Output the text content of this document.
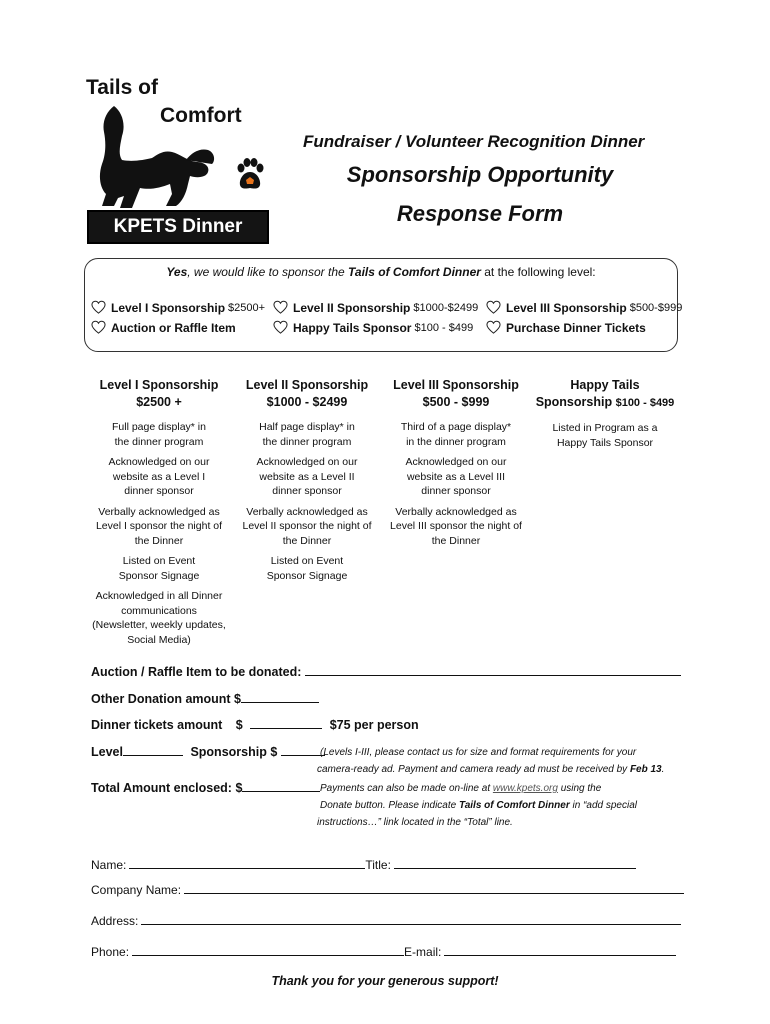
Tails of
Comfort
KPETS Dinner
Fundraiser / Volunteer Recognition Dinner
Sponsorship Opportunity
Response Form
Yes, we would like to sponsor the Tails of Comfort Dinner at the following level:
Level I Sponsorship $2500+ Level II Sponsorship $1000-$2499 Level III Sponsorship $500-$999
Auction or Raffle Item	Happy Tails Sponsor $100 - $499	Purchase Dinner Tickets
Level I Sponsorship
$2500 +
Full page display* in the dinner program
Acknowledged on our website as a Level I dinner sponsor
Verbally acknowledged as Level I sponsor the night of the Dinner
Listed on Event Sponsor Signage
Acknowledged in all Dinner communications (Newsletter, weekly updates, Social Media)
Level II Sponsorship
$1000 - $2499
Half page display* in the dinner program
Acknowledged on our website as a Level II dinner sponsor
Verbally acknowledged as Level II sponsor the night of the Dinner
Listed on Event Sponsor Signage
Level III Sponsorship
$500 - $999
Third of a page display* in the dinner program
Acknowledged on our website as a Level III dinner sponsor
Verbally acknowledged as Level III sponsor the night of the Dinner
Happy Tails
Sponsorship $100 - $499
Listed in Program as a Happy Tails Sponsor
Auction / Raffle Item to be donated:
Other Donation amount $
Dinner tickets amount $	$75 per person
Level	Sponsorship $
Total Amount enclosed: $
(Levels I-III, please contact us for size and format requirements for your
camera-ready ad. Payment and camera ready ad must be received by Feb 13.
Payments can also be made on-line at www.kpets.org using the
Donate button. Please indicate Tails of Comfort Dinner in “add special
instructions…” link located in the “Total” line.
Name:	Title:
Company Name:
Address:
Phone:	E-mail:
Thank you for your generous support!
